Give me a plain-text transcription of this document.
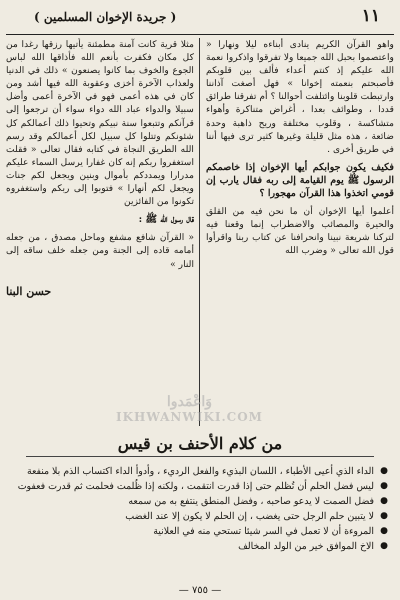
١١
( جريدة الإخوان المسلمين )

واهو القرآن الكريم ينادى أبناءه ليلا ونهارا « واعتصموا بحبل الله جميعا ولا تفرقوا واذكروا نعمة الله عليكم إذ كنتم أعداء فألف بين قلوبكم فأصبحتم بنعمته إخوانا » فهل أصغت آذاننا وارتبطت قلوبنا وائتلفت أحوالنا ؟ أم تفرقنا طرائق قددا ، وطوائف بعدا ، أغراض متناكرة وأهواء متشاكسة ، وقلوب مختلفة وريح ذاهبة وحدة ضائعة ، هذه مثل قليلة وغيرها كثير ترى فيها أننا في طريق أخرى .

فكيف يكون جوابكم أيها الإخوان إذا خاصمكم الرسول ﷺ يوم القيامة إلى ربه فقال يارب إن قومي اتخذوا هذا القرآن مهجورا ؟

أعلموا أيها الإخوان أن ما نحن فيه من القلق والحيرة والمصائب والاضطراب إنما وقعنا فيه لتركنا شريعة نبينا وانحرافنا عن كتاب ربنا واقرأوا قول الله تعالى « وضرب الله

مثلا قرية كانت آمنة مطمئنة يأتيها رزقها رغدا من كل مكان فكفرت بأنعم الله فأذاقها الله لباس الجوع والخوف بما كانوا يصنعون » ذلك في الدنيا ولعذاب الآخرة أخزى وعقوبة الله فيها أشد ومن كان في هذه أعمى فهو في الآخرة أعمى وأضل سبيلا والدواء عباد الله دواء سواء أن ترجعوا إلى قرآنكم وتتبعوا سنة نبيكم وتحيوا ذلك أعمالكم كل شئونكم وتتلوا كل سبيل لكل أعمالكم وقد رسم الله الطريق النجاة في كتابه فقال تعالى « فقلت استغفروا ربكم إنه كان غفارا يرسل السماء عليكم مدرارا ويمددكم بأموال وبنين ويجعل لكم جنات ويجعل لكم أنهارا » فتوبوا إلى ربكم واستغفروه تكونوا من الفائزين

قال رسول الله ﷺ :

« القرآن شافع مشفع وماحل مصدق ، من جعله أمامه قاده إلى الجنة ومن جعله خلف ساقه إلى النار »

حسن البنا
وَاعْمَدوا
IKHWANWIKI.COM
من كلام الأحنف بن قيس
●
الداء الذي أعيى الأطباء ، اللسان البذيء والفعل الرديء ، وأدوأ الداء اكتساب الذم بلا منفعة
●
ليس فضل الحلم أن تُظلم حتى إذا قدرت انتقمت ، ولكنه إذا ظُلمت فحلمت ثم قدرت فعفوت
●
فضل الصمت لا يدعو صاحبه ، وفضل المنطق ينتفع به من سمعه
●
لا يتبين حلم الرجل حتى يغضب ، إن الحلم لا يكون إلا عند الغضب
●
المروءة أن لا تعمل في السر شيئا تستحي منه في العلانية
●
الاخ الموافق خير من الولد المخالف
— ٧٥٥ —
